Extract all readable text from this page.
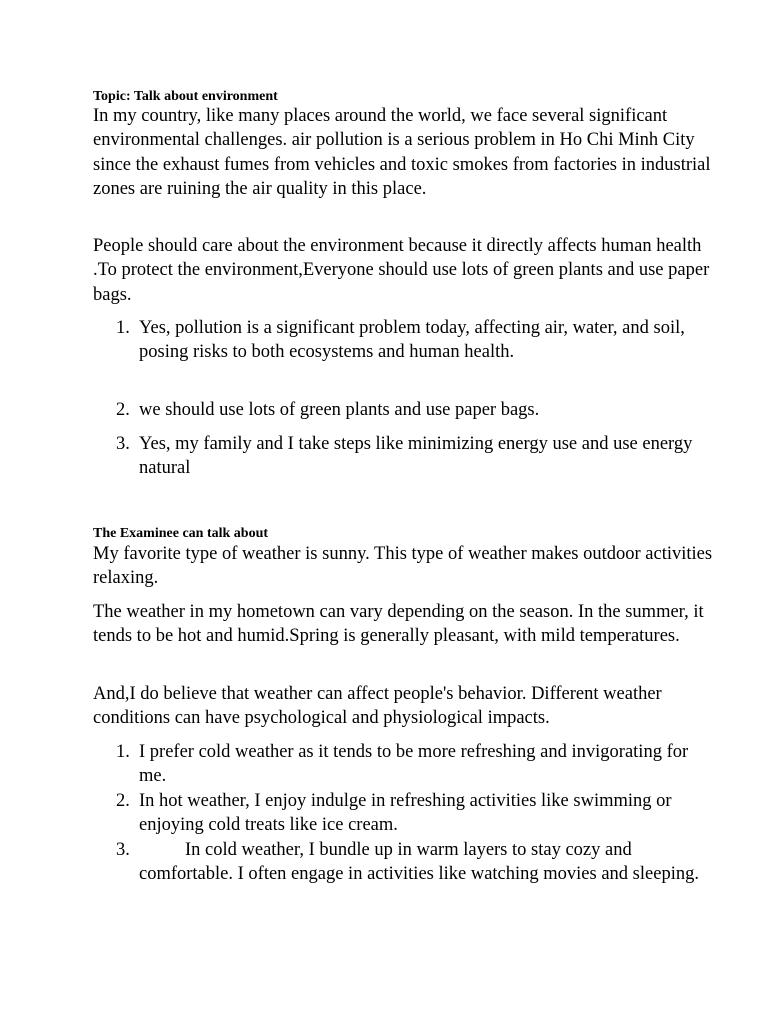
Topic: Talk about environment

In my country, like many places around the world, we face several significant environmental challenges. air pollution is a serious problem in Ho Chi Minh City since the exhaust fumes from vehicles and toxic smokes from factories in industrial zones are ruining the air quality in this place.

People should care about the environment because it directly affects human health .To protect the environment,Everyone should use lots of green plants and use paper bags.

1. Yes, pollution is a significant problem today, affecting air, water, and soil, posing risks to both ecosystems and human health.
2. we should use lots of green plants and use paper bags.
3. Yes, my family and I take steps like minimizing energy use and use energy natural

The Examinee can talk about

My favorite type of weather is sunny. This type of weather makes outdoor activities relaxing.

The weather in my hometown can vary depending on the season. In the summer, it tends to be hot and humid.Spring is generally pleasant, with mild temperatures.

And,I do believe that weather can affect people's behavior. Different weather conditions can have psychological and physiological impacts.

1. I prefer cold weather as it tends to be more refreshing and invigorating for me.
2. In hot weather, I enjoy indulge in refreshing activities like swimming or enjoying cold treats like ice cream.
3.	In cold weather, I bundle up in warm layers to stay cozy and comfortable. I often engage in activities like watching movies and sleeping.
